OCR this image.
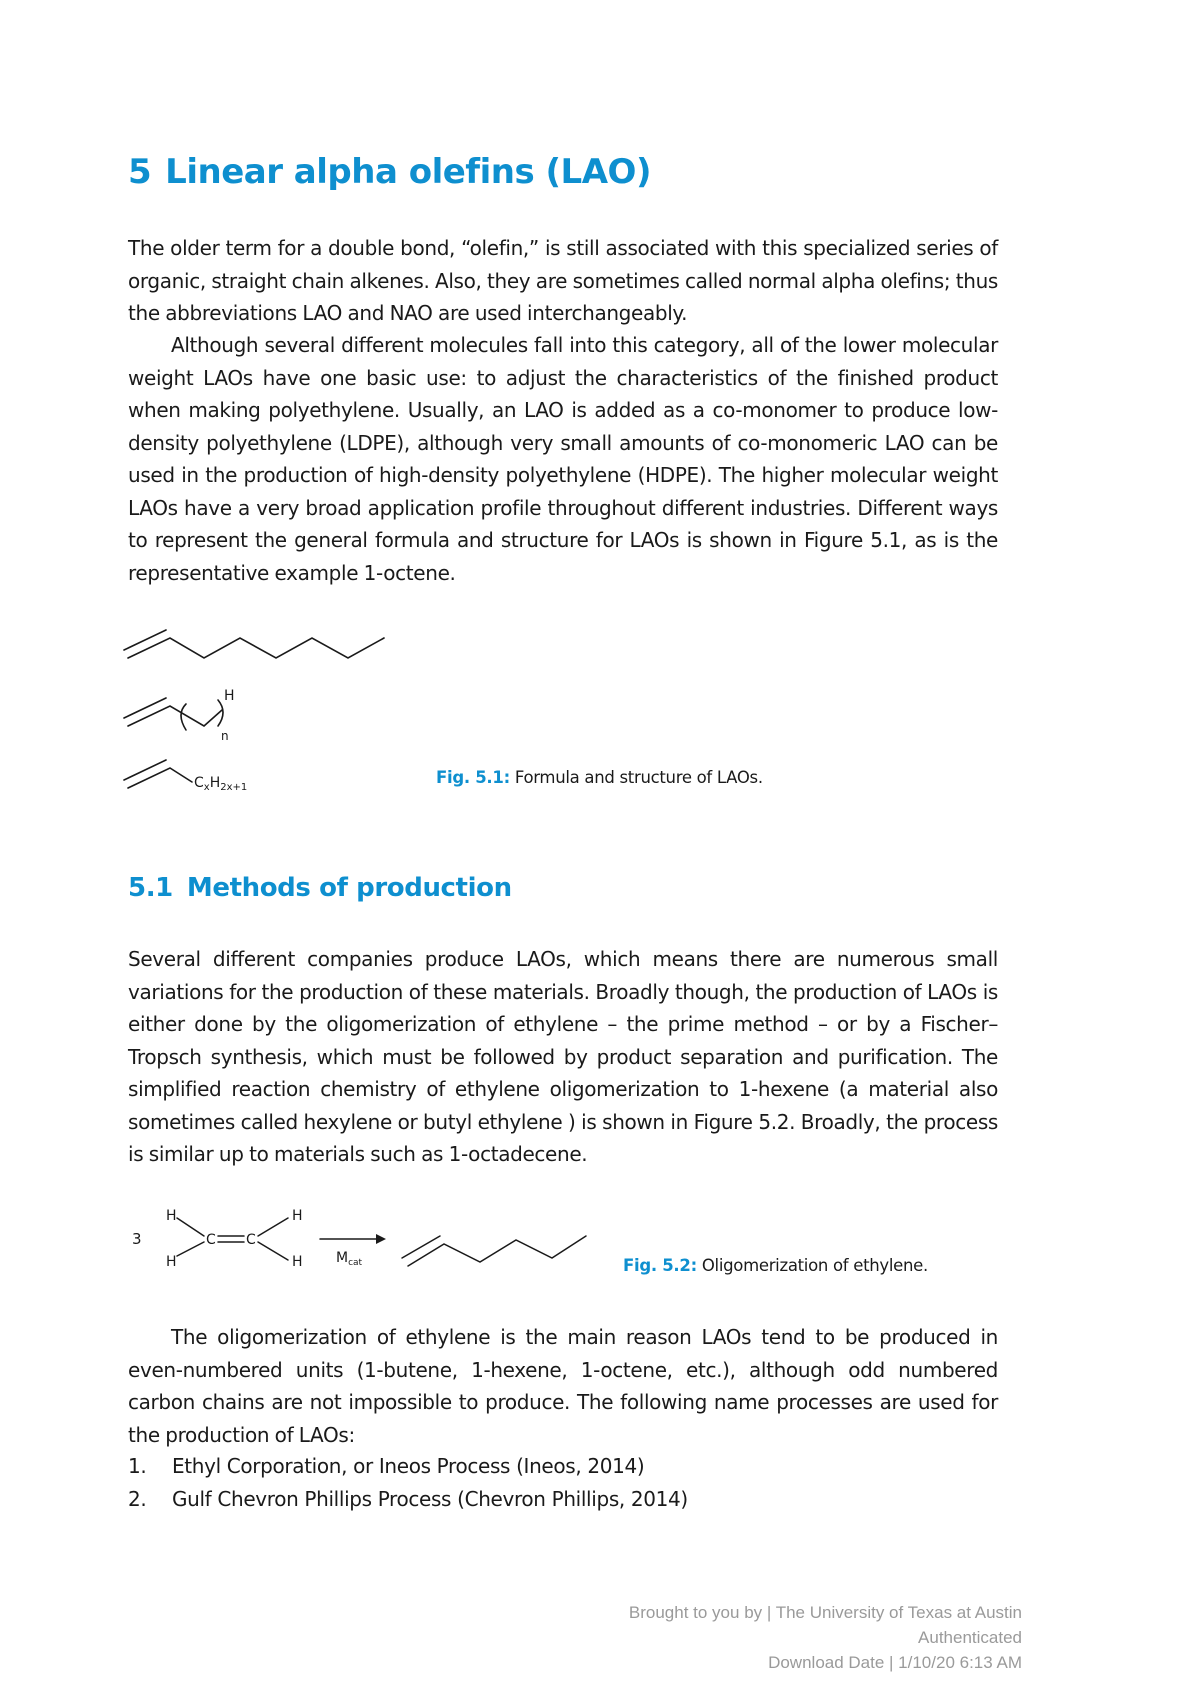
5 Linear alpha olefins (LAO)

The older term for a double bond, “olefin,” is still associated with this specialized series of organic, straight chain alkenes. Also, they are sometimes called normal alpha olefins; thus the abbreviations LAO and NAO are used interchangeably.

Although several different molecules fall into this category, all of the lower molecular weight LAOs have one basic use: to adjust the characteristics of the finished product when making polyethylene. Usually, an LAO is added as a co-monomer to produce low-density polyethylene (LDPE), although very small amounts of co-monomeric LAO can be used in the production of high-density polyethylene (HDPE). The higher molecular weight LAOs have a very broad application profile throughout different industries. Different ways to represent the general formula and structure for LAOs is shown in Figure 5.1, as is the representative example 1-octene.

H
n
$C_xH_{2x+1}$
Fig. 5.1: Formula and structure of LAOs.
5.1 Methods of production

Several different companies produce LAOs, which means there are numerous small variations for the production of these materials. Broadly though, the production of LAOs is either done by the oligomerization of ethylene – the prime method – or by a Fischer–Tropsch synthesis, which must be followed by product separation and purification. The simplified reaction chemistry of ethylene oligomerization to 1-hexene (a material also sometimes called hexylene or butyl ethylene ) is shown in Figure 5.2. Broadly, the process is similar up to materials such as 1-octadecene.

3
H
H
C C
H
H $M_{cat}$	Fig. 5.2: Oligomerization of ethylene.

The oligomerization of ethylene is the main reason LAOs tend to be produced in even-numbered units (1-butene, 1-hexene, 1-octene, etc.), although odd numbered carbon chains are not impossible to produce. The following name processes are used for the production of LAOs:

1.	Ethyl Corporation, or Ineos Process (Ineos, 2014)
2.	Gulf Chevron Phillips Process (Chevron Phillips, 2014)
Brought to you by | The University of Texas at Austin
Authenticated
Download Date | 1/10/20 6:13 AM
